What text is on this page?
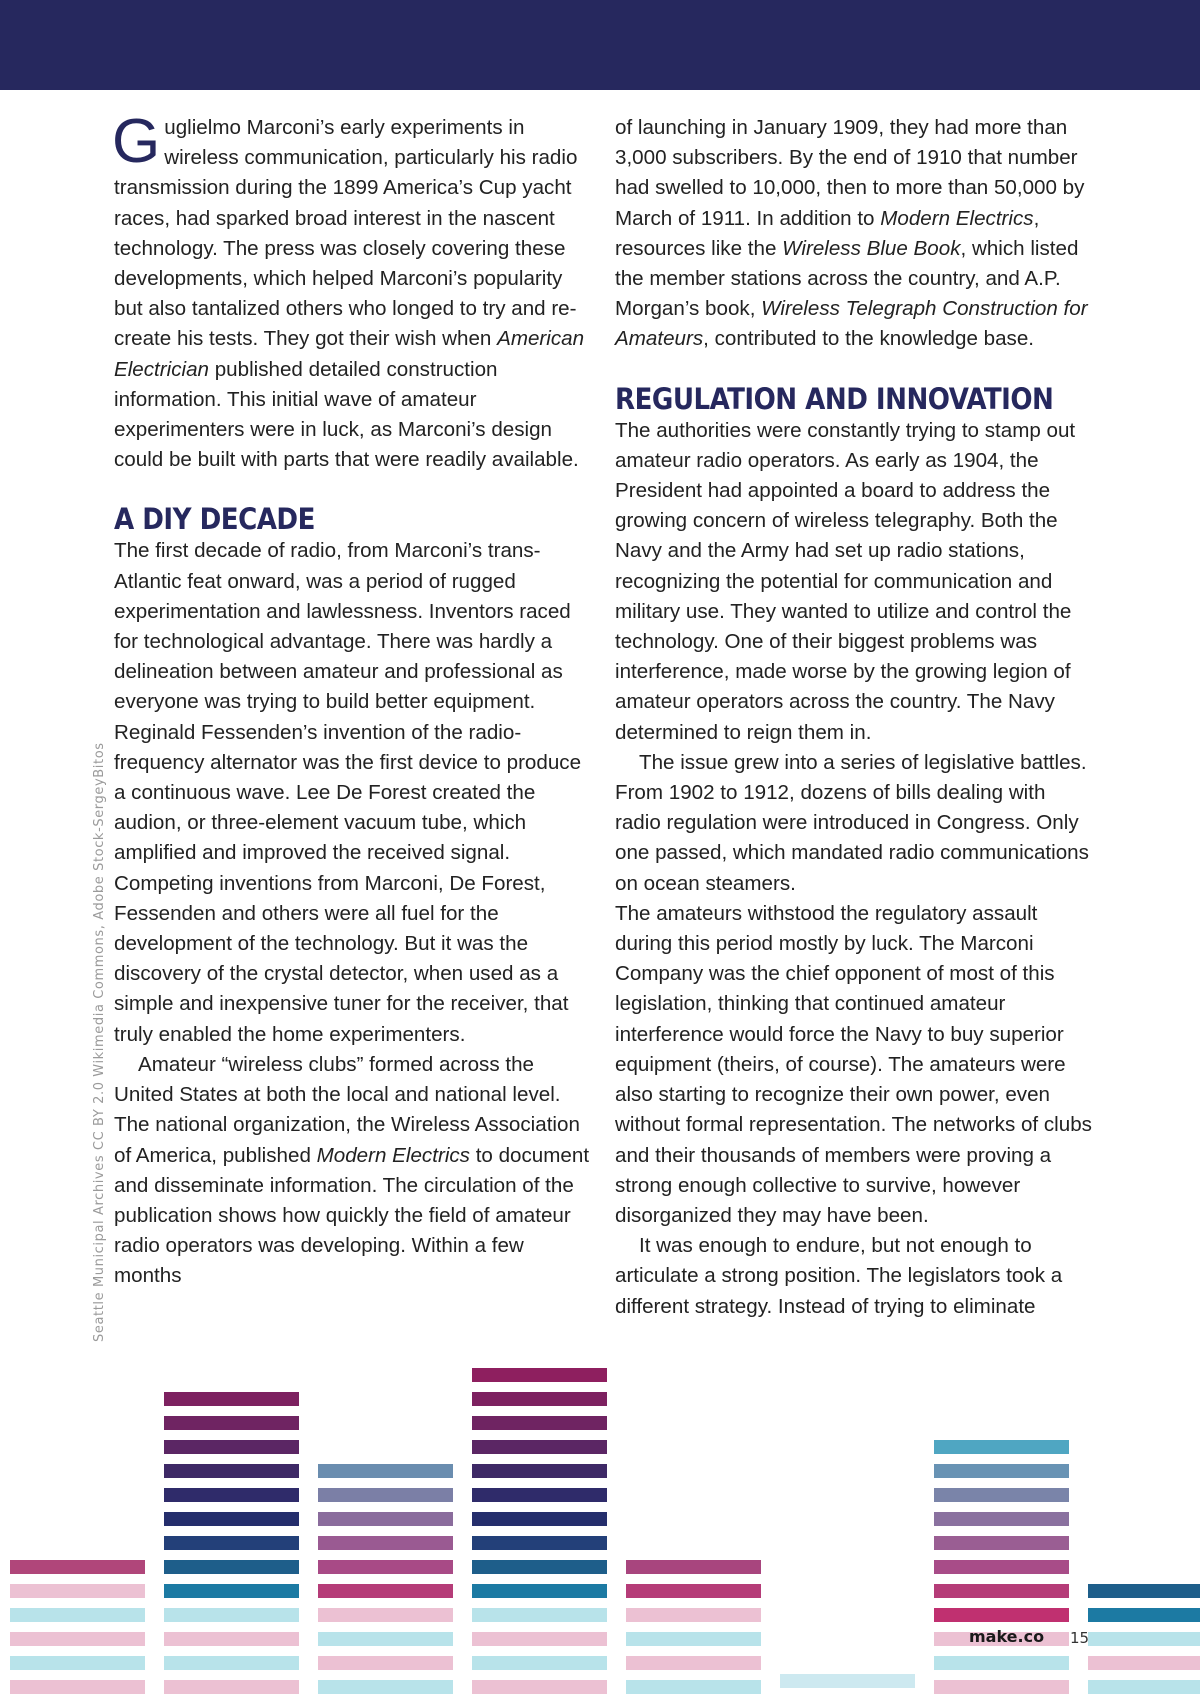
Seattle Municipal Archives CC BY 2.0 Wikimedia Commons, Adobe Stock-SergeyBitos

Guglielmo Marconi’s early experiments in wireless communication, particularly his radio transmission during the 1899 America’s Cup yacht races, had sparked broad interest in the nascent technology. The press was closely covering these developments, which helped Marconi’s popularity but also tantalized others who longed to try and re-create his tests. They got their wish when American Electrician published detailed construction information. This initial wave of amateur experimenters were in luck, as Marconi’s design could be built with parts that were readily available.

A DIY DECADE

The first decade of radio, from Marconi’s trans-Atlantic feat onward, was a period of rugged experimentation and lawlessness. Inventors raced for technological advantage. There was hardly a delineation between amateur and professional as everyone was trying to build better equipment. Reginald Fessenden’s invention of the radio-frequency alternator was the first device to produce a continuous wave. Lee De Forest created the audion, or three-element vacuum tube, which amplified and improved the received signal. Competing inventions from Marconi, De Forest, Fessenden and others were all fuel for the development of the technology. But it was the discovery of the crystal detector, when used as a simple and inexpensive tuner for the receiver, that truly enabled the home experimenters.

Amateur “wireless clubs” formed across the United States at both the local and national level. The national organization, the Wireless Association of America, published Modern Electrics to document and disseminate information. The circulation of the publication shows how quickly the field of amateur radio operators was developing. Within a few months

of launching in January 1909, they had more than 3,000 subscribers. By the end of 1910 that number had swelled to 10,000, then to more than 50,000 by March of 1911. In addition to Modern Electrics, resources like the Wireless Blue Book, which listed the member stations across the country, and A.P. Morgan’s book, Wireless Telegraph Construction for Amateurs, contributed to the knowledge base.

REGULATION AND INNOVATION

The authorities were constantly trying to stamp out amateur radio operators. As early as 1904, the President had appointed a board to address the growing concern of wireless telegraphy. Both the Navy and the Army had set up radio stations, recognizing the potential for communication and military use. They wanted to utilize and control the technology. One of their biggest problems was interference, made worse by the growing legion of amateur operators across the country. The Navy determined to reign them in.

The issue grew into a series of legislative battles. From 1902 to 1912, dozens of bills dealing with radio regulation were introduced in Congress. Only one passed, which mandated radio communications on ocean steamers.

The amateurs withstood the regulatory assault during this period mostly by luck. The Marconi Company was the chief opponent of most of this legislation, thinking that continued amateur interference would force the Navy to buy superior equipment (theirs, of course). The amateurs were also starting to recognize their own power, even without formal representation. The networks of clubs and their thousands of members were proving a strong enough collective to survive, however disorganized they may have been.

It was enough to endure, but not enough to articulate a strong position. The legislators took a different strategy. Instead of trying to eliminate

make.co 15
